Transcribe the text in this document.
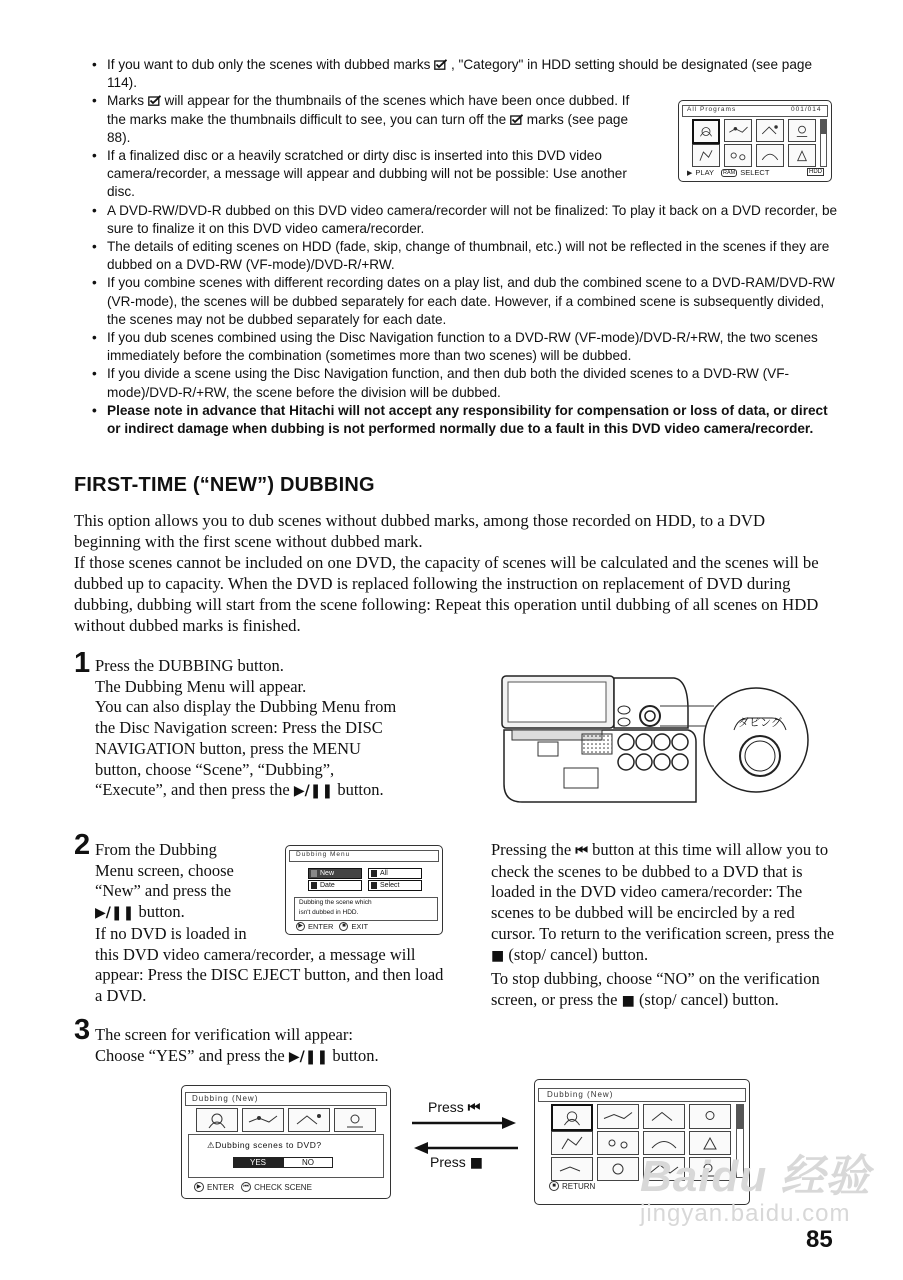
• If you want to dub only the scenes with dubbed marks  , "Category" in HDD setting should be designated (see page 114).
• Marks  will appear for the thumbnails of the scenes which have been once dubbed. If the marks make the thumbnails difficult to see, you can turn off the  marks (see page 88).
• If a finalized disc or a heavily scratched or dirty disc is inserted into this DVD video camera/recorder, a message will appear and dubbing will not be possible: Use another disc.
• A DVD-RW/DVD-R dubbed on this DVD video camera/recorder will not be finalized: To play it back on a DVD recorder, be sure to finalize it on this DVD video camera/recorder.
• The details of editing scenes on HDD (fade, skip, change of thumbnail, etc.) will not be reflected in the scenes if they are dubbed on a DVD-RW (VF-mode)/DVD-R/+RW.
• If you combine scenes with different recording dates on a play list, and dub the combined scene to a DVD-RAM/DVD-RW (VR-mode), the scenes will be dubbed separately for each date. However, if a combined scene is subsequently divided, the scenes may not be dubbed separately for each date.
• If you dub scenes combined using the Disc Navigation function to a DVD-RW (VF-mode)/DVD-R/+RW, the two scenes immediately before the combination (sometimes more than two scenes) will be dubbed.
• If you divide a scene using the Disc Navigation function, and then dub both the divided scenes to a DVD-RW (VF-mode)/DVD-R/+RW, the scene before the division will be dubbed.
• Please note in advance that Hitachi will not accept any responsibility for compensation or loss of data, or direct or indirect damage when dubbing is not performed normally due to a fault in this DVD video camera/recorder.
All Programs	001/014
▶ PLAY	RAM SELECT	HDD
FIRST-TIME (“NEW”) DUBBING

This option allows you to dub scenes without dubbed marks, among those recorded on HDD, to a DVD beginning with the first scene without dubbed mark.

If those scenes cannot be included on one DVD, the capacity of scenes will be calculated and the scenes will be dubbed up to capacity. When the DVD is replaced following the instruction on replacement of DVD during dubbing, dubbing will start from the scene following: Repeat this operation until dubbing of all scenes on HDD without dubbed marks is finished.

1 Press the DUBBING button.
The Dubbing Menu will appear.
You can also display the Dubbing Menu from
the Disc Navigation screen: Press the DISC
NAVIGATION button, press the MENU
button, choose “Scene”, “Dubbing”,
“Execute”, and then press the ▶/❚❚ button.
ダビング
2 From the Dubbing
Menu screen, choose
“New” and press the
▶/❚❚ button.
If no DVD is loaded in
this DVD video camera/recorder, a message will appear: Press the DISC EJECT button, and then load a DVD.
Dubbing Menu
New	All
Date	Select
Dubbing the scene which
isn't dubbed in HDD.
▶ ENTER	■ EXIT
Pressing the ⏮ button at this time will allow you to check the scenes to be dubbed to a DVD that is loaded in the DVD video camera/recorder: The scenes to be dubbed will be encircled by a red cursor. To return to the verification screen, press the ■ (stop/ cancel) button.
To stop dubbing, choose “NO” on the verification screen, or press the ■ (stop/ cancel) button.
3 The screen for verification will appear:
Choose “YES” and press the ▶/❚❚ button.
Dubbing (New)
⚠Dubbing scenes to DVD?
YES	NO
▶ ENTER	⏮ CHECK SCENE
Press ⏮
Press ■
Dubbing (New)
■ RETURN Baidu 经验
jingyan.baidu.com
85
